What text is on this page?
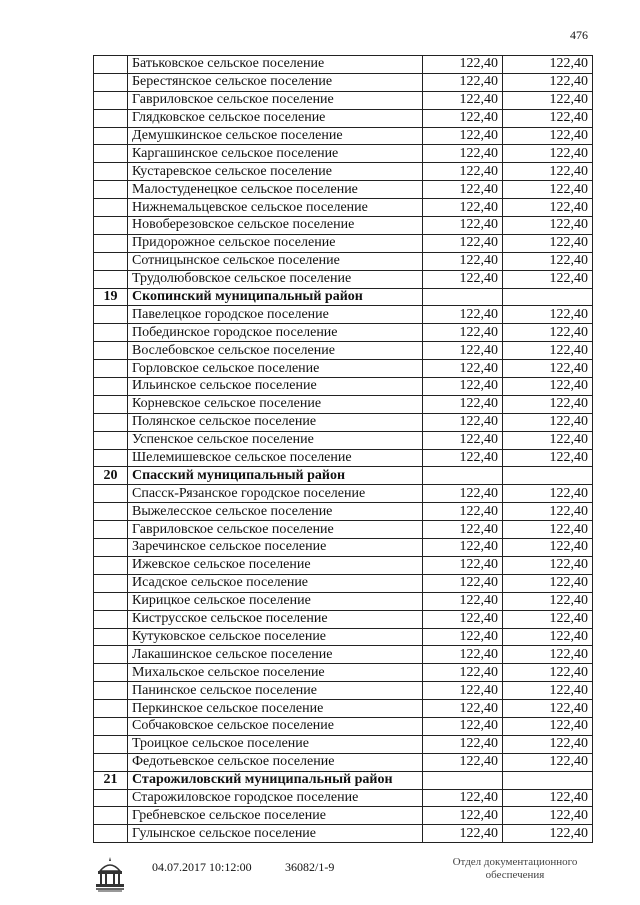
476
	Батьковское сельское поселение	122,40	122,40
	Берестянское сельское поселение	122,40	122,40
	Гавриловское сельское поселение	122,40	122,40
	Глядковское сельское поселение	122,40	122,40
	Демушкинское сельское поселение	122,40	122,40
	Каргашинское сельское поселение	122,40	122,40
	Кустаревское сельское поселение	122,40	122,40
	Малостуденецкое сельское поселение	122,40	122,40
	Нижнемальцевское сельское поселение	122,40	122,40
	Новоберезовское сельское поселение	122,40	122,40
	Придорожное сельское поселение	122,40	122,40
	Сотницынское сельское поселение	122,40	122,40
	Трудолюбовское сельское поселение	122,40	122,40
19	Скопинский муниципальный район		
	Павелецкое городское поселение	122,40	122,40
	Побединское городское поселение	122,40	122,40
	Вослебовское сельское поселение	122,40	122,40
	Горловское сельское поселение	122,40	122,40
	Ильинское сельское поселение	122,40	122,40
	Корневское сельское поселение	122,40	122,40
	Полянское сельское поселение	122,40	122,40
	Успенское сельское поселение	122,40	122,40
	Шелемишевское сельское поселение	122,40	122,40
20	Спасский муниципальный район		
	Спасск-Рязанское городское поселение	122,40	122,40
	Выжелесское сельское поселение	122,40	122,40
	Гавриловское сельское поселение	122,40	122,40
	Заречинское сельское поселение	122,40	122,40
	Ижевское сельское поселение	122,40	122,40
	Исадское сельское поселение	122,40	122,40
	Кирицкое сельское поселение	122,40	122,40
	Киструсское сельское поселение	122,40	122,40
	Кутуковское сельское поселение	122,40	122,40
	Лакашинское сельское поселение	122,40	122,40
	Михальское сельское поселение	122,40	122,40
	Панинское сельское поселение	122,40	122,40
	Перкинское сельское поселение	122,40	122,40
	Собчаковское сельское поселение	122,40	122,40
	Троицкое сельское поселение	122,40	122,40
	Федотьевское сельское поселение	122,40	122,40
21	Старожиловский муниципальный район		
	Старожиловское городское поселение	122,40	122,40
	Гребневское сельское поселение	122,40	122,40
	Гулынское сельское поселение	122,40	122,40
04.07.2017 10:12:00	36082/1-9	Отдел документационного
обеспечения
